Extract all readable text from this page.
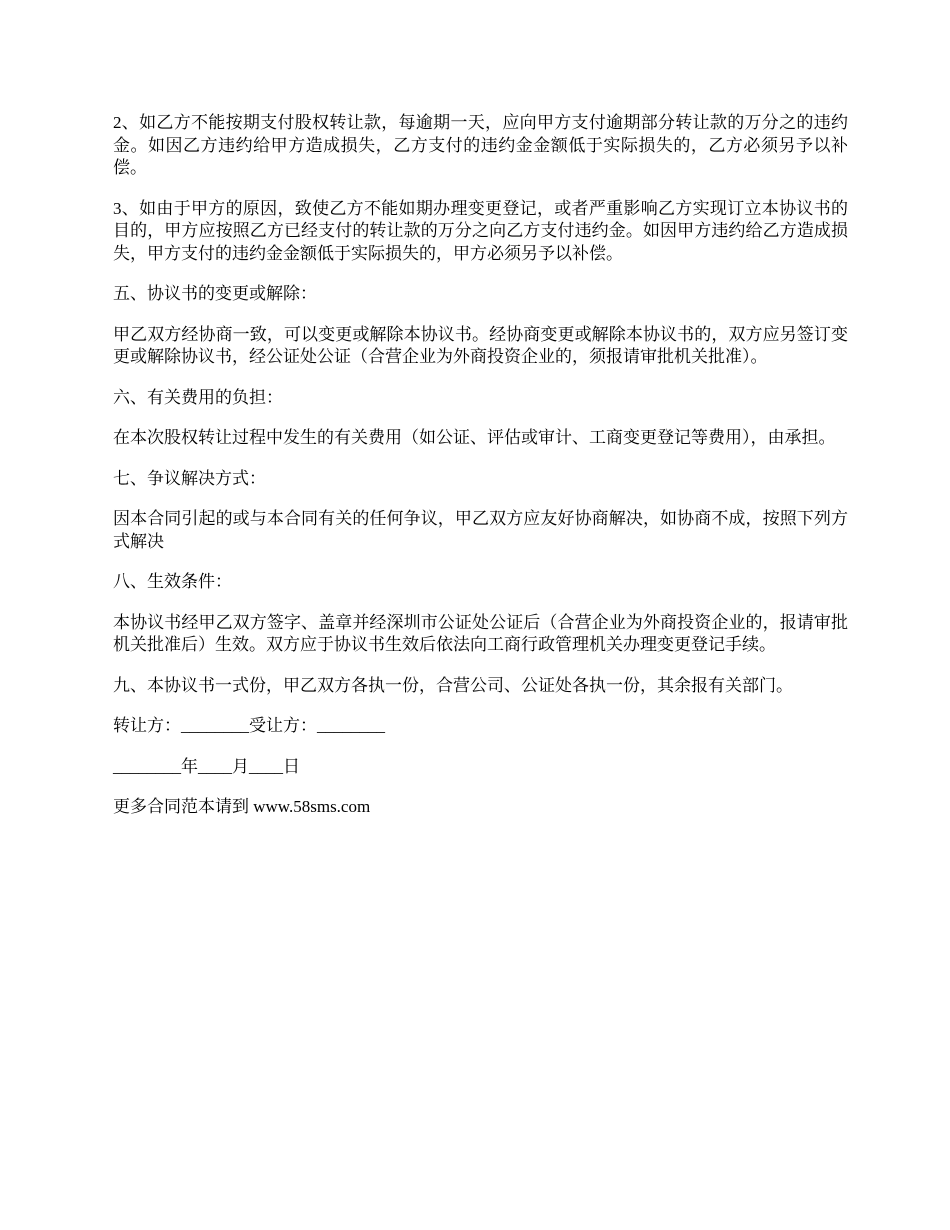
2、如乙方不能按期支付股权转让款，每逾期一天，应向甲方支付逾期部分转让款的万分之的违约金。如因乙方违约给甲方造成损失，乙方支付的违约金金额低于实际损失的，乙方必须另予以补偿。

3、如由于甲方的原因，致使乙方不能如期办理变更登记，或者严重影响乙方实现订立本协议书的目的，甲方应按照乙方已经支付的转让款的万分之向乙方支付违约金。如因甲方违约给乙方造成损失，甲方支付的违约金金额低于实际损失的，甲方必须另予以补偿。

五、协议书的变更或解除：

甲乙双方经协商一致，可以变更或解除本协议书。经协商变更或解除本协议书的，双方应另签订变更或解除协议书，经公证处公证（合营企业为外商投资企业的，须报请审批机关批准）。

六、有关费用的负担：

在本次股权转让过程中发生的有关费用（如公证、评估或审计、工商变更登记等费用），由承担。

七、争议解决方式：

因本合同引起的或与本合同有关的任何争议，甲乙双方应友好协商解决，如协商不成，按照下列方式解决

八、生效条件：

本协议书经甲乙双方签字、盖章并经深圳市公证处公证后（合营企业为外商投资企业的，报请审批机关批准后）生效。双方应于协议书生效后依法向工商行政管理机关办理变更登记手续。

九、本协议书一式份，甲乙双方各执一份，合营公司、公证处各执一份，其余报有关部门。

转让方：________受让方：________

________年____月____日

更多合同范本请到 www.58sms.com
